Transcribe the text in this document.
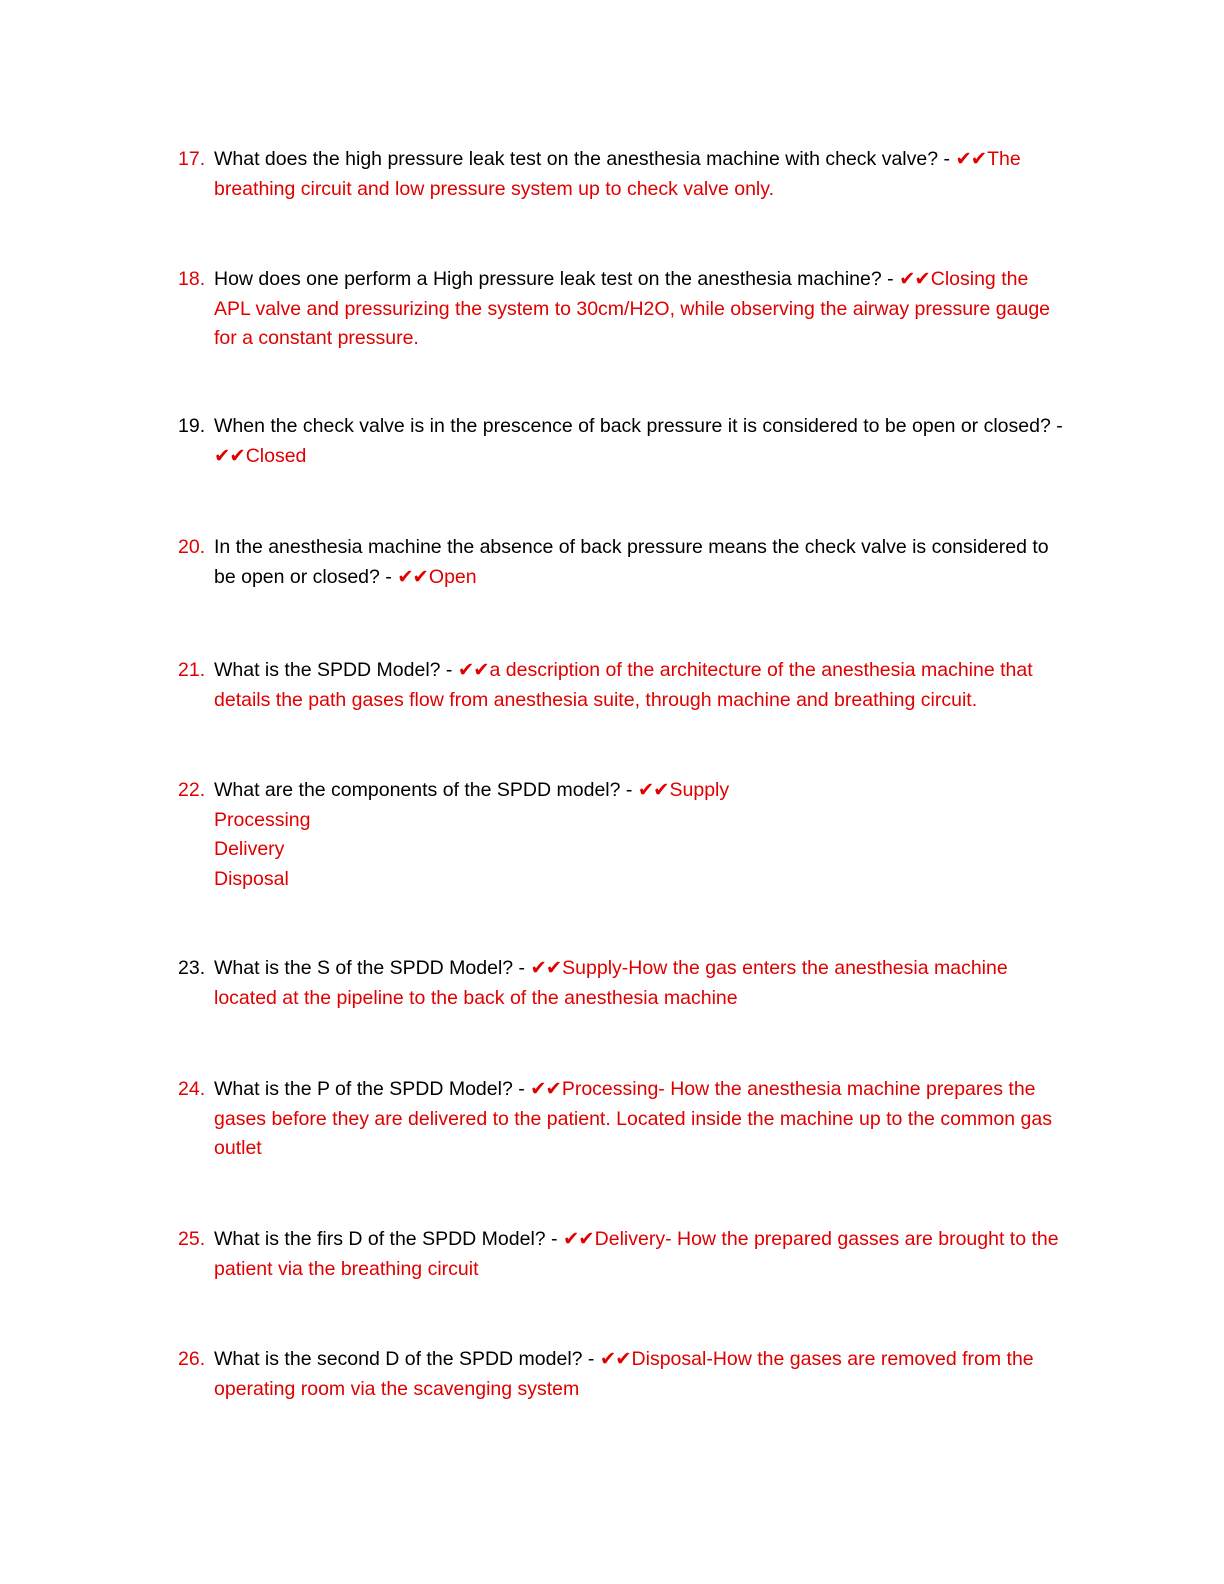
17. What does the high pressure leak test on the anesthesia machine with check valve? - ✔✔The breathing circuit and low pressure system up to check valve only.
18. How does one perform a High pressure leak test on the anesthesia machine? - ✔✔Closing the APL valve and pressurizing the system to 30cm/H2O, while observing the airway pressure gauge for a constant pressure.
19. When the check valve is in the prescence of back pressure it is considered to be open or closed? - ✔✔Closed
20. In the anesthesia machine the absence of back pressure means the check valve is considered to be open or closed? - ✔✔Open
21. What is the SPDD Model? - ✔✔a description of the architecture of the anesthesia machine that details the path gases flow from anesthesia suite, through machine and breathing circuit.
22. What are the components of the SPDD model? - ✔✔Supply
Processing
Delivery
Disposal
23. What is the S of the SPDD Model? - ✔✔Supply-How the gas enters the anesthesia machine located at the pipeline to the back of the anesthesia machine
24. What is the P of the SPDD Model? - ✔✔Processing- How the anesthesia machine prepares the gases before they are delivered to the patient. Located inside the machine up to the common gas outlet
25. What is the firs D of the SPDD Model? - ✔✔Delivery- How the prepared gasses are brought to the patient via the breathing circuit
26. What is the second D of the SPDD model? - ✔✔Disposal-How the gases are removed from the operating room via the scavenging system
